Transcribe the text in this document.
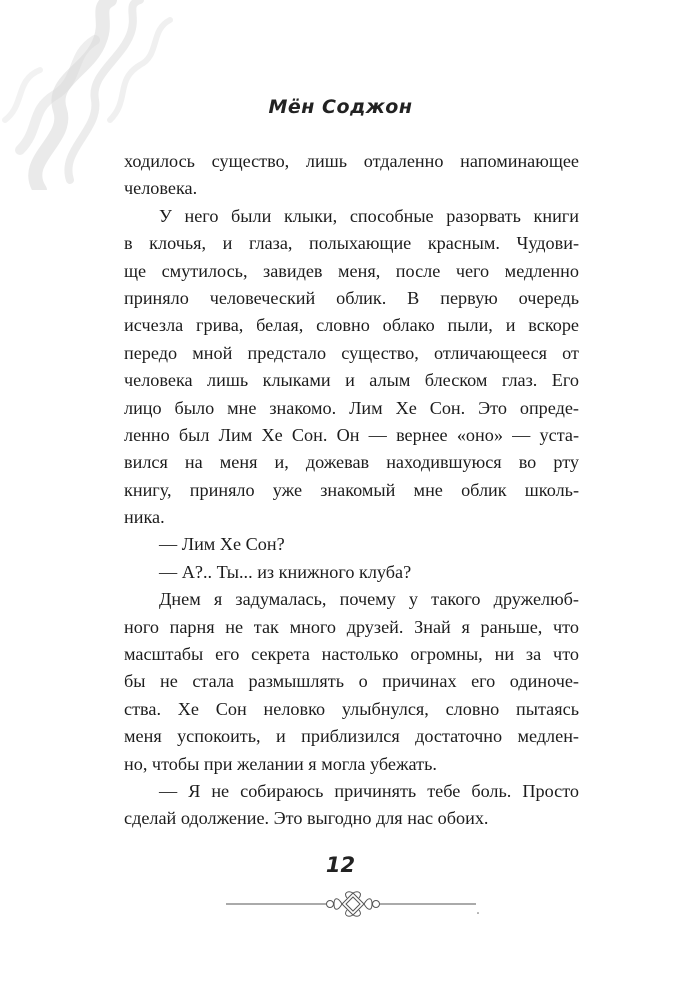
Мён Соджон
ходилось существо, лишь отдаленно напоминающее
человека.
У него были клыки, способные разорвать книги
в клочья, и глаза, полыхающие красным. Чудови-
ще смутилось, завидев меня, после чего медленно
приняло человеческий облик. В первую очередь
исчезла грива, белая, словно облако пыли, и вскоре
передо мной предстало существо, отличающееся от
человека лишь клыками и алым блеском глаз. Его
лицо было мне знакомо. Лим Хе Сон. Это опреде-
ленно был Лим Хе Сон. Он — вернее «оно» — уста-
вился на меня и, дожевав находившуюся во рту
книгу, приняло уже знакомый мне облик школь-
ника.
— Лим Хе Сон?
— А?.. Ты... из книжного клуба?
Днем я задумалась, почему у такого дружелюб-
ного парня не так много друзей. Знай я раньше, что
масштабы его секрета настолько огромны, ни за что
бы не стала размышлять о причинах его одиноче-
ства. Хе Сон неловко улыбнулся, словно пытаясь
меня успокоить, и приблизился достаточно медлен-
но, чтобы при желании я могла убежать.
— Я не собираюсь причинять тебе боль. Просто
сделай одолжение. Это выгодно для нас обоих.
12
